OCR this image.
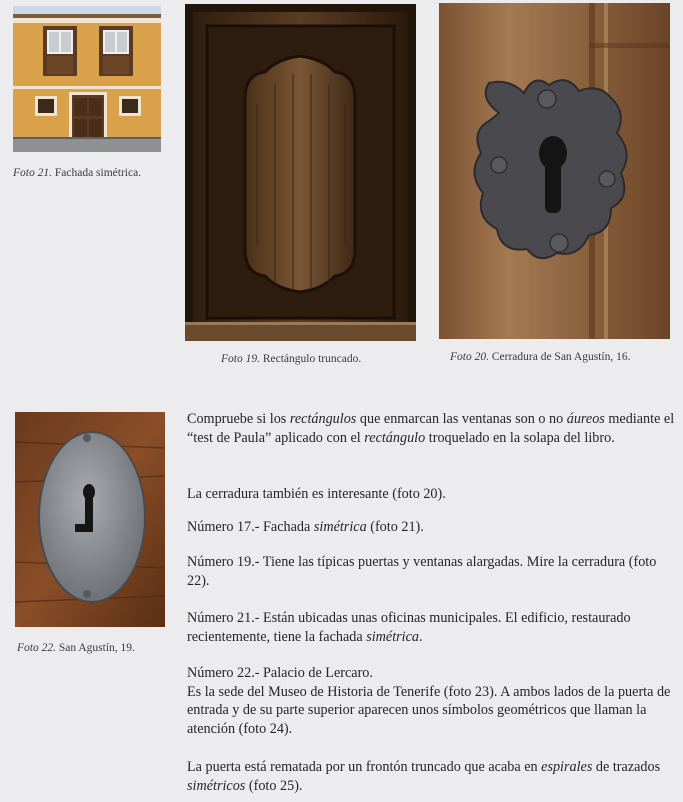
Foto 21. Fachada simétrica.
Foto 19. Rectángulo truncado.	Foto 20. Cerradura de San Agustín, 16.
Foto 22. San Agustín, 19.

Compruebe si los rectángulos que enmarcan las ventanas son o no áureos mediante el “test de Paula” aplicado con el rectángulo troquelado en la solapa del libro.

La cerradura también es interesante (foto 20).

Número 17.- Fachada simétrica (foto 21).

Número 19.- Tiene las típicas puertas y ventanas alargadas. Mire la cerradura (foto 22).

Número 21.- Están ubicadas unas oficinas municipales. El edificio, restaurado recientemente, tiene la fachada simétrica.

Número 22.- Palacio de Lercaro.

Es la sede del Museo de Historia de Tenerife (foto 23). A ambos lados de la puerta de entrada y de su parte superior aparecen unos símbolos geométricos que llaman la atención (foto 24).

La puerta está rematada por un frontón truncado que acaba en espirales de trazados simétricos (foto 25).
